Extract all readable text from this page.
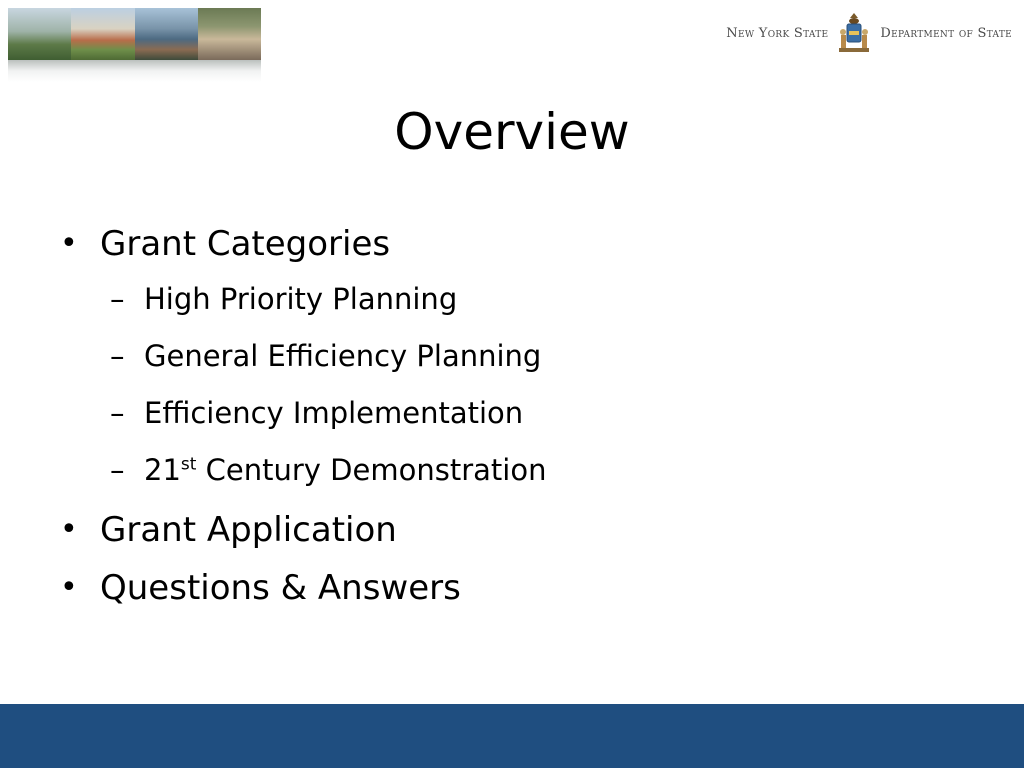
New York State	Department of State
Overview
• Grant Categories
– High Priority Planning
– General Efficiency Planning
– Efficiency Implementation
– 21st Century Demonstration
• Grant Application
• Questions & Answers
